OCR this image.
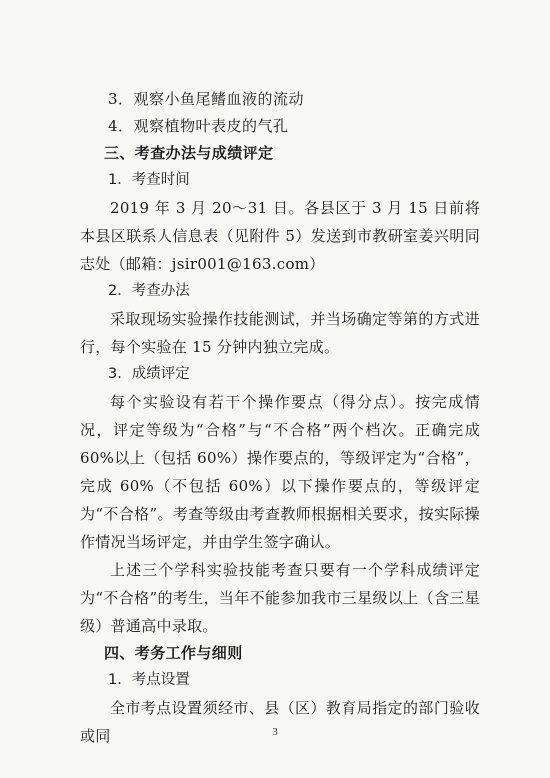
3．观察小鱼尾鳍血液的流动
4．观察植物叶表皮的气孔
三、考查办法与成绩评定
1．考查时间

2019 年 3 月 20～31 日。各县区于 3 月 15 日前将本县区联系人信息表（见附件 5）发送到市教研室姜兴明同志处（邮箱：jsir001@163.com）

2．考查办法

采取现场实验操作技能测试，并当场确定等第的方式进行，每个实验在 15 分钟内独立完成。

3．成绩评定

每个实验设有若干个操作要点（得分点）。按完成情况，评定等级为“合格”与“不合格”两个档次。正确完成 60%以上（包括 60%）操作要点的，等级评定为“合格”，完成 60%（不包括 60%）以下操作要点的，等级评定为“不合格”。考查等级由考查教师根据相关要求，按实际操作情况当场评定，并由学生签字确认。

上述三个学科实验技能考查只要有一个学科成绩评定为“不合格”的考生，当年不能参加我市三星级以上（含三星级）普通高中录取。

四、考务工作与细则
1．考点设置

全市考点设置须经市、县（区）教育局指定的部门验收或同	3
